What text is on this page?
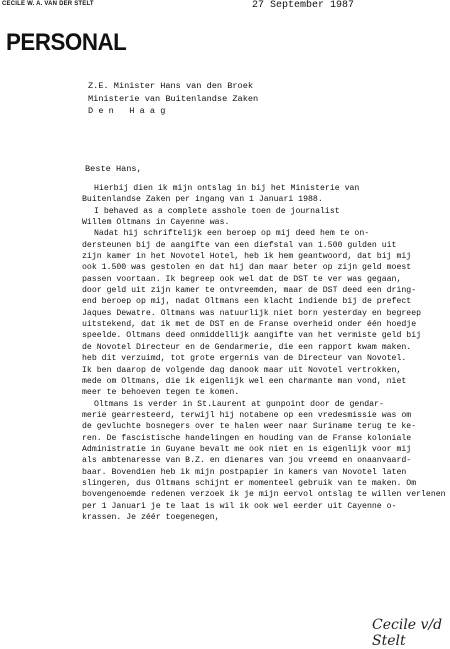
CECILE W. A. VAN DER STELT	27 September 1987
PERSONAL
Z.E. Minister Hans van den Broek
Ministerie van Buitenlandse Zaken
D e n   H a a g
Beste Hans,
Hierbij dien ik mijn ontslag in bij het Ministerie van
Buitenlandse Zaken per ingang van 1 Januari 1988.
I behaved as a complete asshole toen de journalist
Willem Oltmans in Cayenne was.
Nadat hij schriftelijk een beroep op mij deed hem te on-
dersteunen bij de aangifte van een diefstal van 1.500 gulden uit
zijn kamer in het Novotel Hotel, heb ik hem geantwoord, dat bij mij
ook 1.500 was gestolen en dat hij dan maar beter op zijn geld moest
passen voortaan. Ik begreep ook wel dat de DST te ver was gegaan,
door geld uit zijn kamer te ontvreemden, maar de DST deed een dring-
end beroep op mij, nadat Oltmans een klacht indiende bij de prefect
Jaques Dewatre. Oltmans was natuurlijk niet born yesterday en begreep
uitstekend, dat ik met de DST en de Franse overheid onder één hoedje
speelde. Oltmans deed onmiddellijk aangifte van het vermiste geld bij
de Novotel Directeur en de Gendarmerie, die een rapport kwam maken.
heb dit verzuimd, tot grote ergernis van de Directeur van Novotel.
Ik ben daarop de volgende dag danook maar uit Novotel vertrokken,
mede om Oltmans, die ik eigenlijk wel een charmante man vond, niet
meer te behoeven tegen te komen.
Oltmans is verder in St.Laurent at gunpoint door de gendar-
merie gearresteerd, terwijl hij notabene op een vredesmissie was om
de gevluchte bosnegers over te halen weer naar Suriname terug te ke-
ren. De fascistische handelingen en houding van de Franse koloniale
Administratie in Guyane bevalt me ook niet en is eigenlijk voor mij
als ambtenaresse van B.Z. en dienares van jou vreemd en onaanvaard-
baar. Bovendien heb ik mijn postpapier in kamers van Novotel laten
slingeren, dus Oltmans schijnt er momenteel gebruik van te maken. Om
bovengenoemde redenen verzoek ik je mijn eervol ontslag te willen verlenen
per 1 Januari je te laat is wil ik ook wel eerder uit Cayenne o-
krassen. Je zéér toegenegen,
Cecile v/d Stelt
